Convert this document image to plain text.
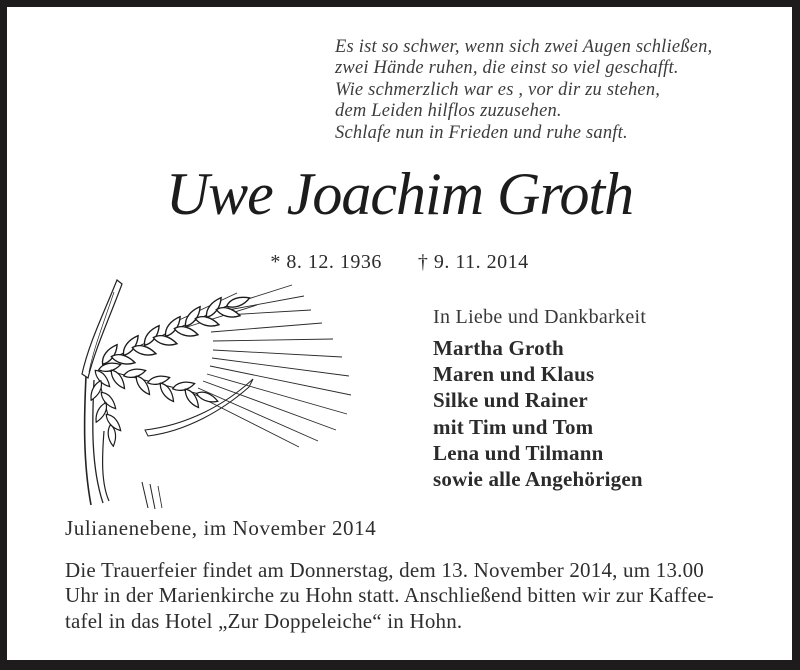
Es ist so schwer, wenn sich zwei Augen schließen,
zwei Hände ruhen, die einst so viel geschafft.
Wie schmerzlich war es , vor dir zu stehen,
dem Leiden hilflos zuzusehen.
Schlafe nun in Frieden und ruhe sanft.
Uwe Joachim Groth
* 8. 12. 1936 † 9. 11. 2014
In Liebe und Dankbarkeit
Martha Groth
Maren und Klaus
Silke und Rainer
mit Tim und Tom
Lena und Tilmann
sowie alle Angehörigen
Julianenebene, im November 2014
Die Trauerfeier findet am Donnerstag, dem 13. November 2014, um 13.00
Uhr in der Marienkirche zu Hohn statt. Anschließend bitten wir zur Kaffee-
tafel in das Hotel „Zur Doppeleiche“ in Hohn.
